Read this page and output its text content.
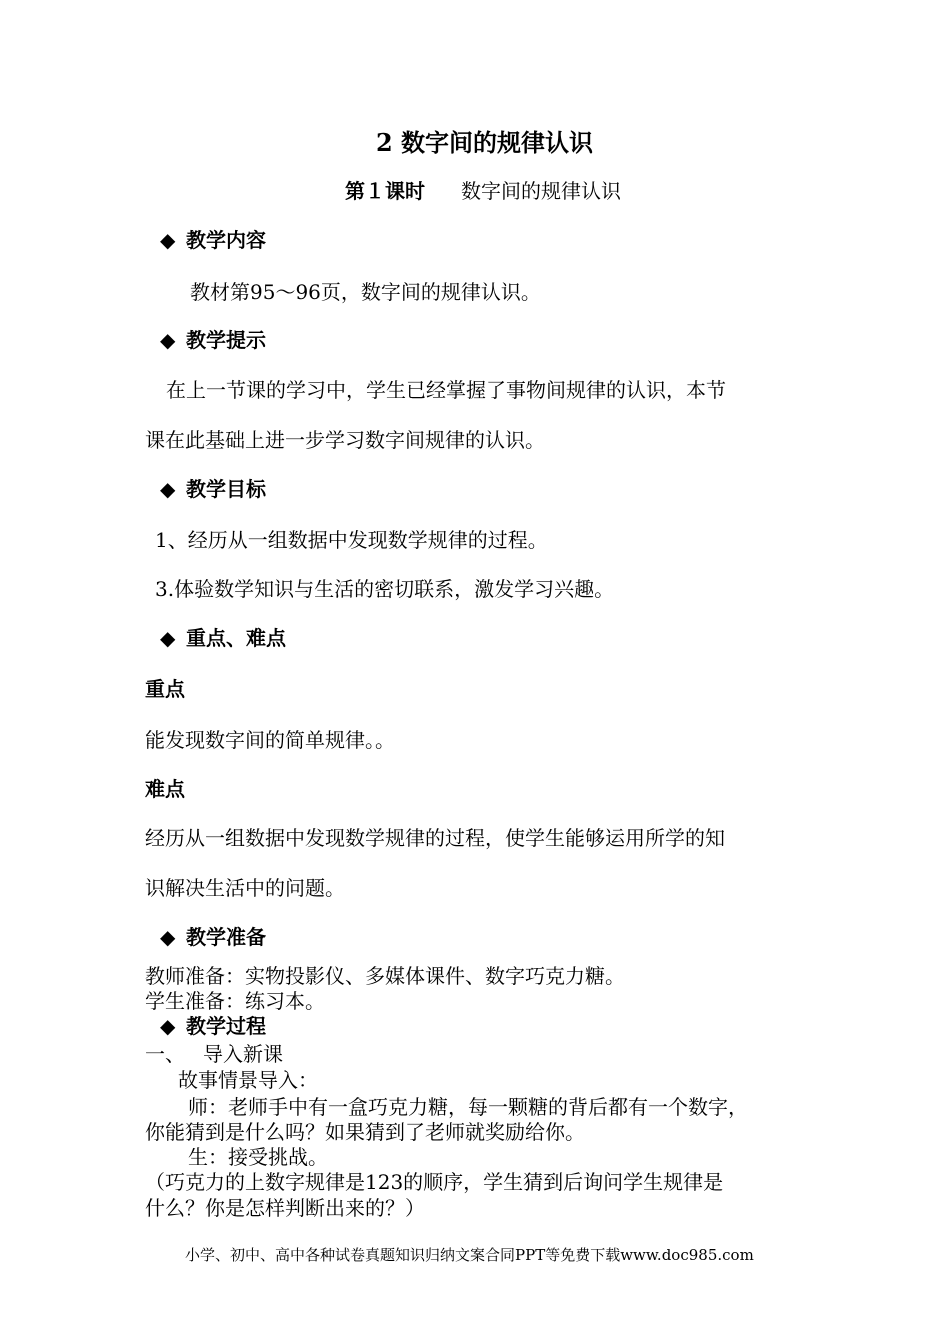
2 数字间的规律认识
第１课时 数字间的规律认识
◆ 教学内容
教材第95～96页，数字间的规律认识。
◆ 教学提示
在上一节课的学习中，学生已经掌握了事物间规律的认识，本节
课在此基础上进一步学习数字间规律的认识。
◆ 教学目标
1、经历从一组数据中发现数学规律的过程。
3.体验数学知识与生活的密切联系，激发学习兴趣。
◆ 重点、难点
重点
能发现数字间的简单规律。。
难点
经历从一组数据中发现数学规律的过程，使学生能够运用所学的知
识解决生活中的问题。
◆ 教学准备
教师准备：实物投影仪、多媒体课件、数字巧克力糖。
学生准备：练习本。
◆ 教学过程
一、 导入新课
故事情景导入：
师：老师手中有一盒巧克力糖，每一颗糖的背后都有一个数字，
你能猜到是什么吗？如果猜到了老师就奖励给你。
生：接受挑战。
（巧克力的上数字规律是123的顺序，学生猜到后询问学生规律是
什么？你是怎样判断出来的？）
小学、初中、高中各种试卷真题知识归纳文案合同PPT等免费下载www.doc985.com
